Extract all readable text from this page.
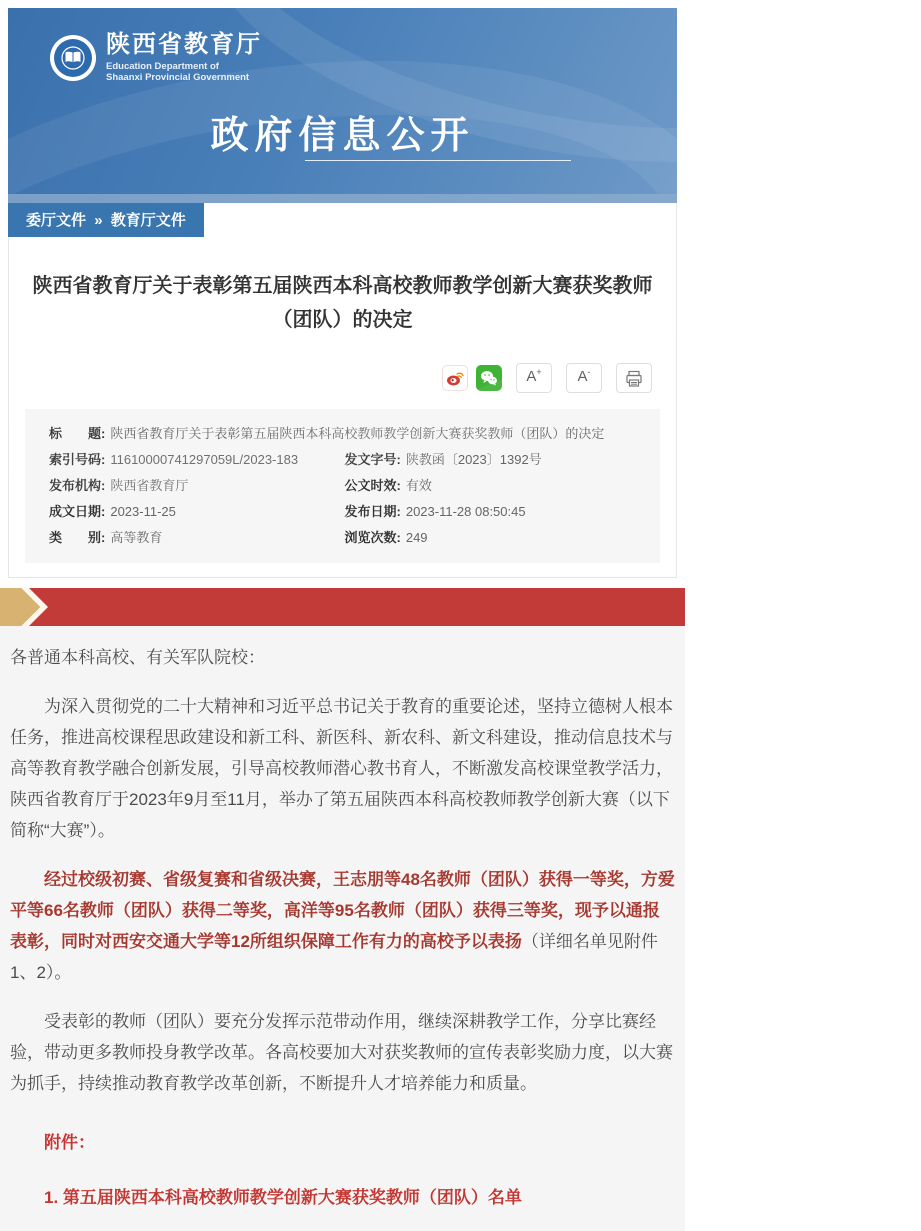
陕西省教育厅
Education Department of
Shaanxi Provincial Government
政府信息公开
委厅文件 » 教育厅文件
陕西省教育厅关于表彰第五届陕西本科高校教师教学创新大赛获奖教师（团队）的决定
A+ A-
标　　题: 陕西省教育厅关于表彰第五届陕西本科高校教师教学创新大赛获奖教师（团队）的决定
索引号码: 11610000741297059L/2023-183	发文字号: 陕教函〔2023〕1392号
发布机构: 陕西省教育厅	公文时效: 有效
成文日期: 2023-11-25	发布日期: 2023-11-28 08:50:45
类　　别: 高等教育	浏览次数: 249

各普通本科高校、有关军队院校：

为深入贯彻党的二十大精神和习近平总书记关于教育的重要论述，坚持立德树人根本任务，推进高校课程思政建设和新工科、新医科、新农科、新文科建设，推动信息技术与高等教育教学融合创新发展，引导高校教师潜心教书育人，不断激发高校课堂教学活力，陕西省教育厅于2023年9月至11月，举办了第五届陕西本科高校教师教学创新大赛（以下简称“大赛”）。

经过校级初赛、省级复赛和省级决赛，王志朋等48名教师（团队）获得一等奖，方爱平等66名教师（团队）获得二等奖，高洋等95名教师（团队）获得三等奖，现予以通报表彰，同时对西安交通大学等12所组织保障工作有力的高校予以表扬（详细名单见附件1、2）。

受表彰的教师（团队）要充分发挥示范带动作用，继续深耕教学工作，分享比赛经验，带动更多教师投身教学改革。各高校要加大对获奖教师的宣传表彰奖励力度，以大赛为抓手，持续推动教育教学改革创新，不断提升人才培养能力和质量。

附件：
1. 第五届陕西本科高校教师教学创新大赛获奖教师（团队）名单
